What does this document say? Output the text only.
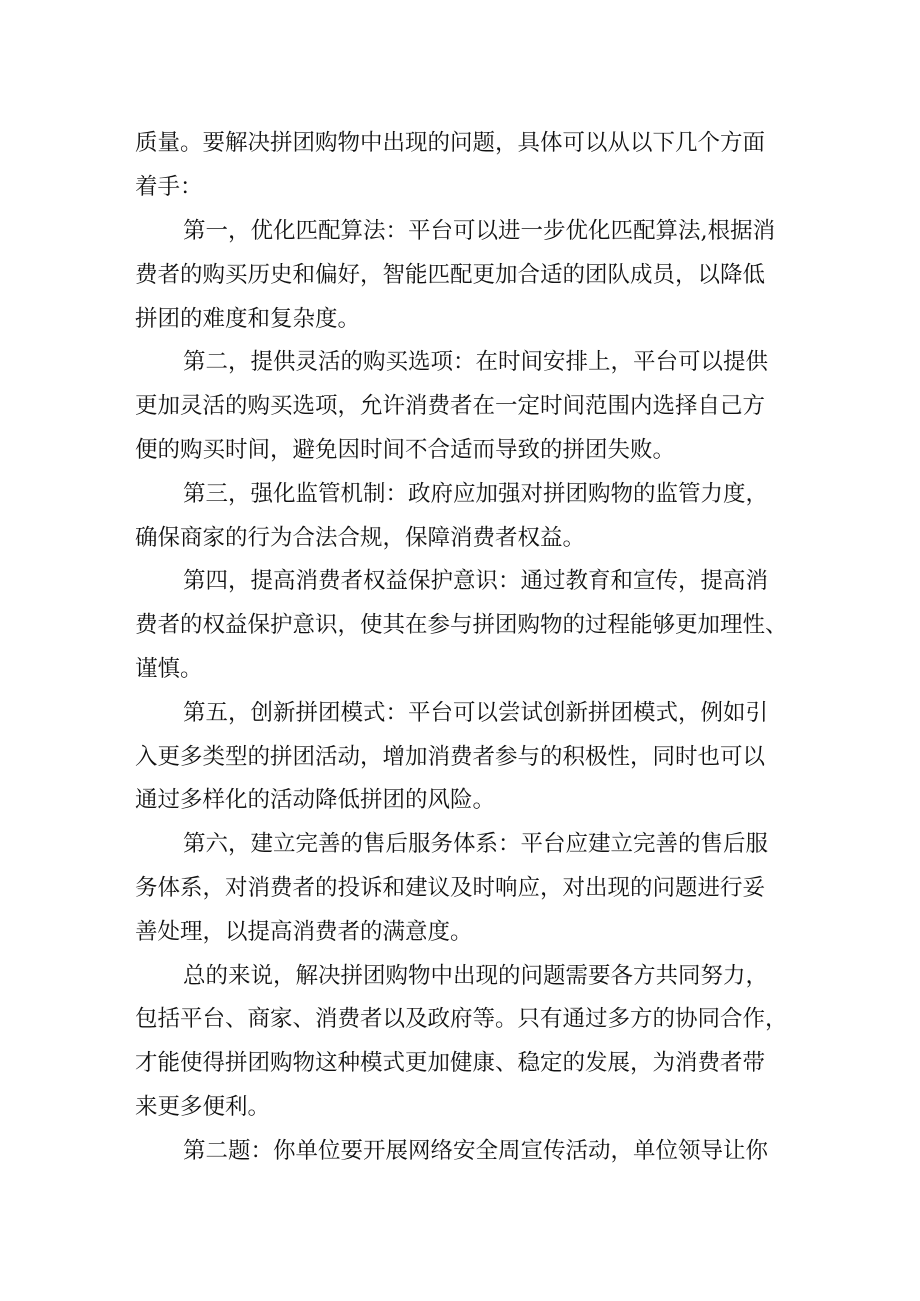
质量。要解决拼团购物中出现的问题，具体可以从以下几个方面
着手：
第一，优化匹配算法：平台可以进一步优化匹配算法,根据消
费者的购买历史和偏好，智能匹配更加合适的团队成员，以降低
拼团的难度和复杂度。
第二，提供灵活的购买选项：在时间安排上，平台可以提供
更加灵活的购买选项，允许消费者在一定时间范围内选择自己方
便的购买时间，避免因时间不合适而导致的拼团失败。
第三，强化监管机制：政府应加强对拼团购物的监管力度，
确保商家的行为合法合规，保障消费者权益。
第四，提高消费者权益保护意识：通过教育和宣传，提高消
费者的权益保护意识，使其在参与拼团购物的过程能够更加理性、
谨慎。
第五，创新拼团模式：平台可以尝试创新拼团模式，例如引
入更多类型的拼团活动，增加消费者参与的积极性，同时也可以
通过多样化的活动降低拼团的风险。
第六，建立完善的售后服务体系：平台应建立完善的售后服
务体系，对消费者的投诉和建议及时响应，对出现的问题进行妥
善处理，以提高消费者的满意度。
总的来说，解决拼团购物中出现的问题需要各方共同努力，
包括平台、商家、消费者以及政府等。只有通过多方的协同合作，
才能使得拼团购物这种模式更加健康、稳定的发展，为消费者带
来更多便利。
第二题：你单位要开展网络安全周宣传活动，单位领导让你
